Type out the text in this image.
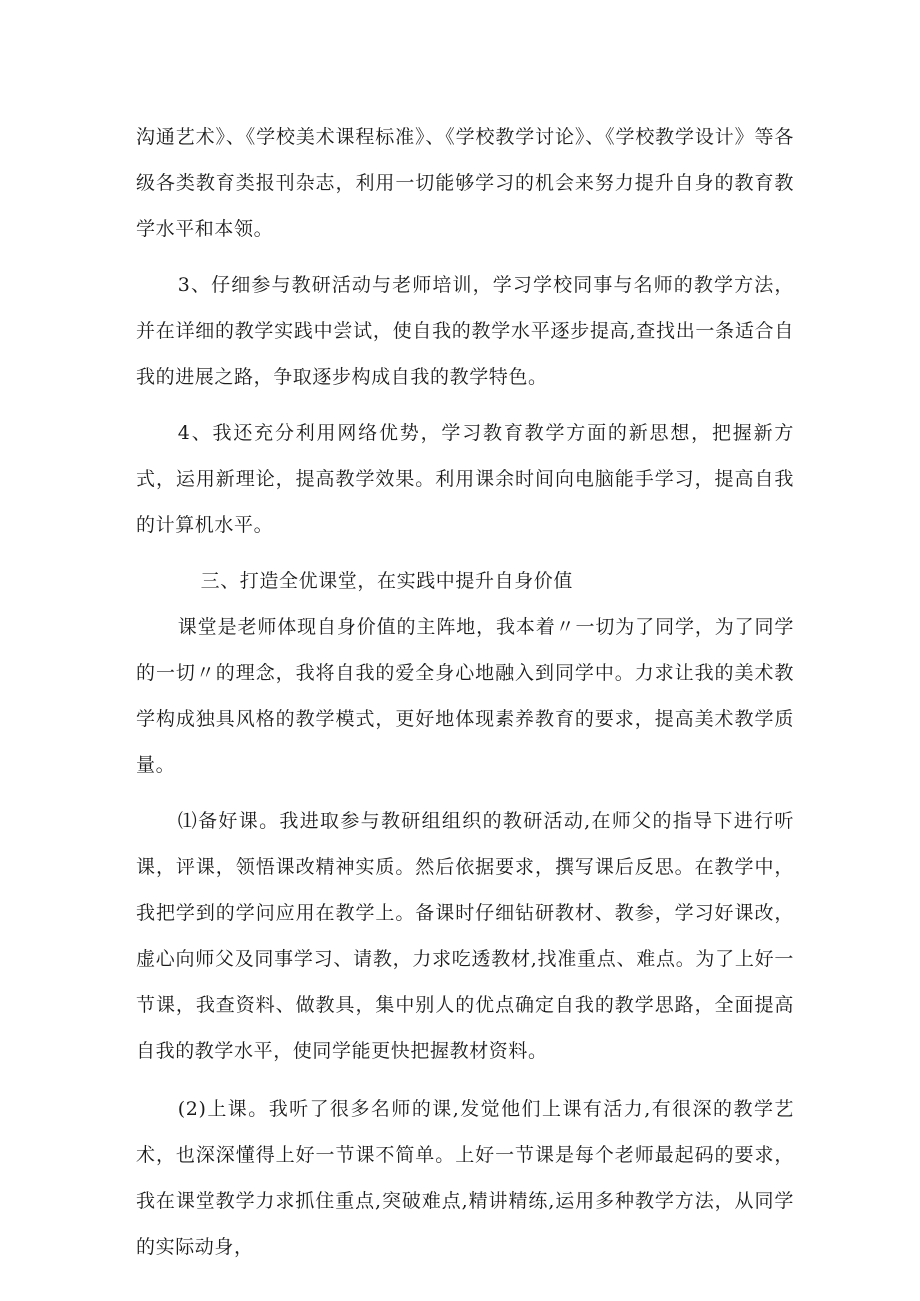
沟通艺术》、《学校美术课程标准》、《学校教学讨论》、《学校教学设计》等各级各类教育类报刊杂志，利用一切能够学习的机会来努力提升自身的教育教学水平和本领。

3、仔细参与教研活动与老师培训，学习学校同事与名师的教学方法，并在详细的教学实践中尝试，使自我的教学水平逐步提高,查找出一条适合自我的进展之路，争取逐步构成自我的教学特色。

4、我还充分利用网络优势，学习教育教学方面的新思想，把握新方式，运用新理论，提高教学效果。利用课余时间向电脑能手学习，提高自我的计算机水平。

三、打造全优课堂，在实践中提升自身价值

课堂是老师体现自身价值的主阵地，我本着〃一切为了同学，为了同学的一切〃的理念，我将自我的爱全身心地融入到同学中。力求让我的美术教学构成独具风格的教学模式，更好地体现素养教育的要求，提高美术教学质量。

⑴备好课。我进取参与教研组组织的教研活动,在师父的指导下进行听课，评课，领悟课改精神实质。然后依据要求，撰写课后反思。在教学中，我把学到的学问应用在教学上。备课时仔细钻研教材、教参，学习好课改，虚心向师父及同事学习、请教，力求吃透教材,找准重点、难点。为了上好一节课，我查资料、做教具，集中别人的优点确定自我的教学思路，全面提高自我的教学水平，使同学能更快把握教材资料。

(2)上课。我听了很多名师的课,发觉他们上课有活力,有很深的教学艺术，也深深懂得上好一节课不简单。上好一节课是每个老师最起码的要求，我在课堂教学力求抓住重点,突破难点,精讲精练,运用多种教学方法，从同学的实际动身，
